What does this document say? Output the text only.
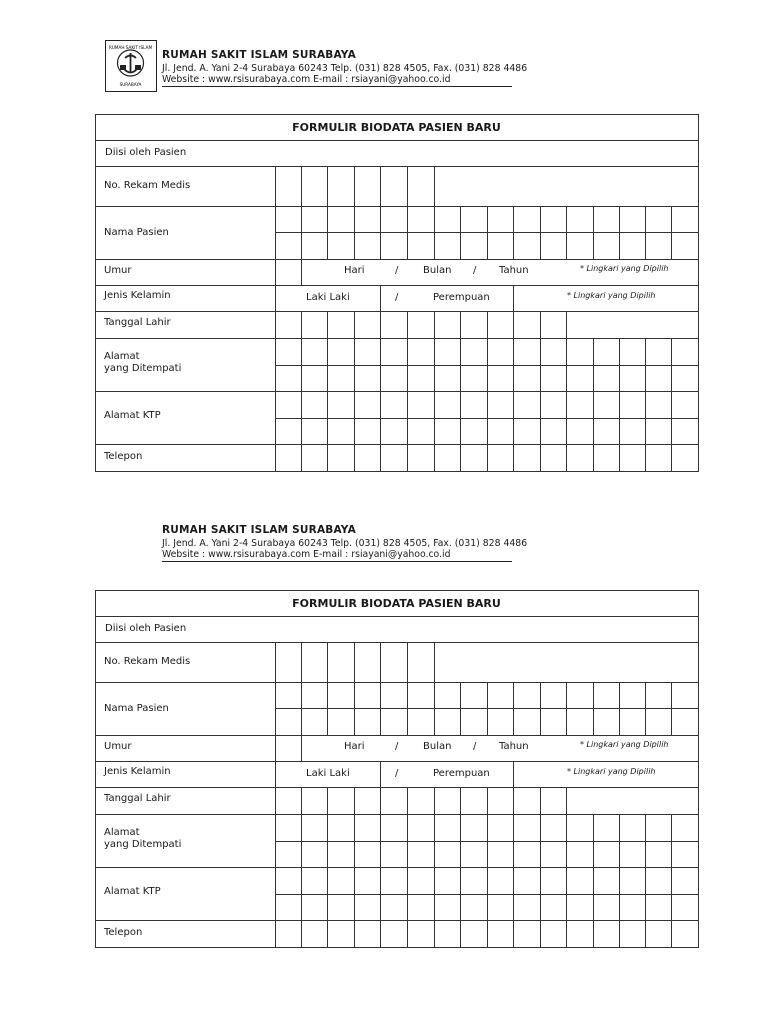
RUMAH SAKIT ISLAM
SURABAYA
RUMAH SAKIT ISLAM SURABAYA
Jl. Jend. A. Yani 2-4 Surabaya 60243 Telp. (031) 828 4505, Fax. (031) 828 4486
Website : www.rsisurabaya.com E-mail : rsiayani@yahoo.co.id
FORMULIR BIODATA PASIEN BARU
Diisi oleh Pasien
No. Rekam Medis
Nama Pasien
Umur	Hari	/ Bulan / Tahun	* Lingkari yang Dipilih
Jenis Kelamin	Laki Laki	/	Perempuan	* Lingkari yang Dipilih
Tanggal Lahir
Alamat
yang Ditempati
Alamat KTP
Telepon
RUMAH SAKIT ISLAM SURABAYA
Jl. Jend. A. Yani 2-4 Surabaya 60243 Telp. (031) 828 4505, Fax. (031) 828 4486
Website : www.rsisurabaya.com E-mail : rsiayani@yahoo.co.id
FORMULIR BIODATA PASIEN BARU
Diisi oleh Pasien
No. Rekam Medis
Nama Pasien
Umur	Hari	/ Bulan / Tahun	* Lingkari yang Dipilih
Jenis Kelamin	Laki Laki	/	Perempuan	* Lingkari yang Dipilih
Tanggal Lahir
Alamat
yang Ditempati
Alamat KTP
Telepon
